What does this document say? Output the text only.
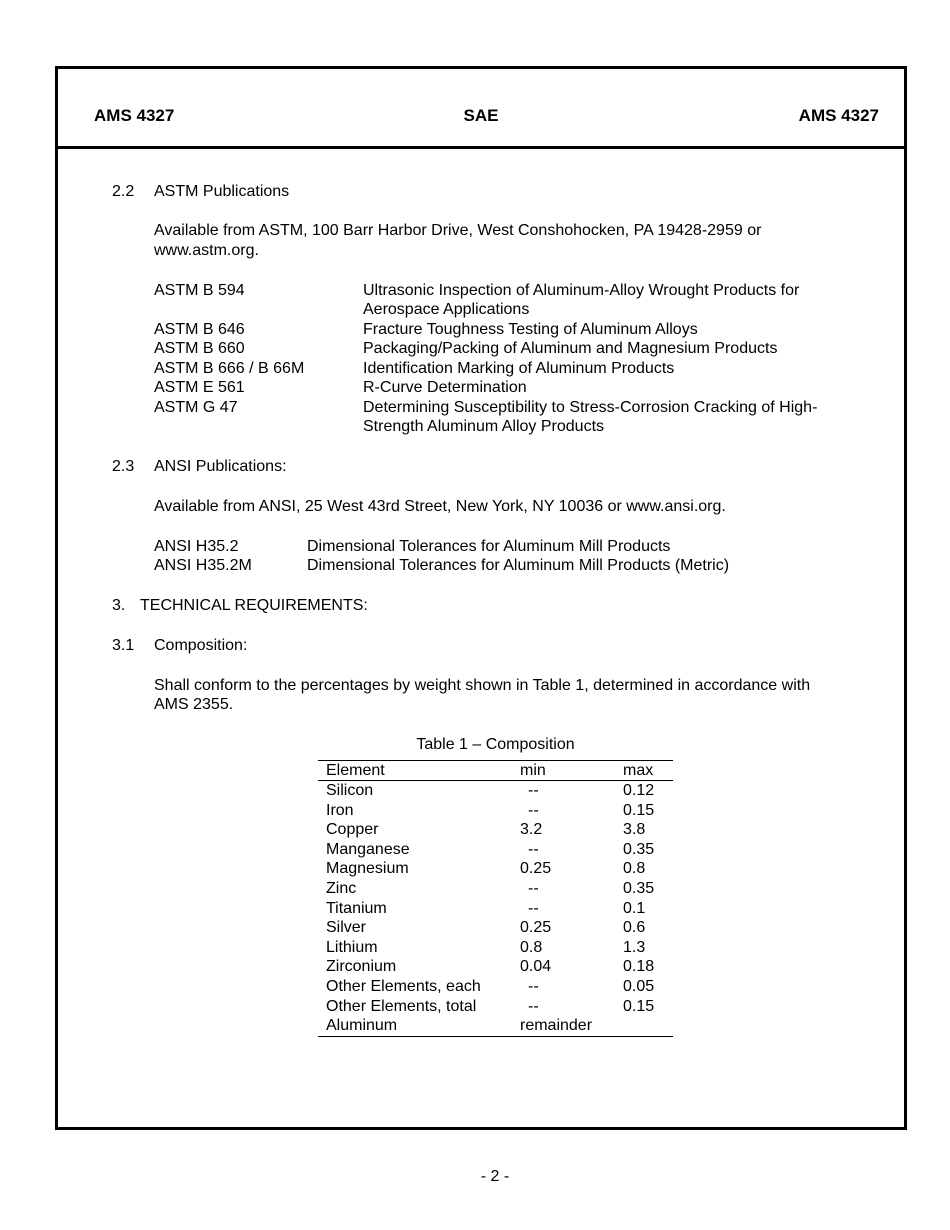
AMS 4327	SAE	AMS 4327
2.2 ASTM Publications
Available from ASTM, 100 Barr Harbor Drive, West Conshohocken, PA 19428-2959 or
www.astm.org.
ASTM B 594	Ultrasonic Inspection of Aluminum-Alloy Wrought Products for
Aerospace Applications
ASTM B 646	Fracture Toughness Testing of Aluminum Alloys
ASTM B 660	Packaging/Packing of Aluminum and Magnesium Products
ASTM B 666 / B 66M	Identification Marking of Aluminum Products
ASTM E 561	R-Curve Determination
ASTM G 47	Determining Susceptibility to Stress-Corrosion Cracking of High-
Strength Aluminum Alloy Products
2.3 ANSI Publications:
Available from ANSI, 25 West 43rd Street, New York, NY 10036 or www.ansi.org.
ANSI H35.2	Dimensional Tolerances for Aluminum Mill Products
ANSI H35.2M	Dimensional Tolerances for Aluminum Mill Products (Metric)
3. TECHNICAL REQUIREMENTS:
3.1 Composition:
Shall conform to the percentages by weight shown in Table 1, determined in accordance with
AMS 2355.
Table 1 – Composition
Element	min	max
Silicon	--	0.12
Iron	--	0.15
Copper	3.2	3.8
Manganese	--	0.35
Magnesium	0.25	0.8
Zinc	--	0.35
Titanium	--	0.1
Silver	0.25	0.6
Lithium	0.8	1.3
Zirconium	0.04	0.18
Other Elements, each	--	0.05
Other Elements, total	--	0.15
Aluminum	remainder
- 2 -
